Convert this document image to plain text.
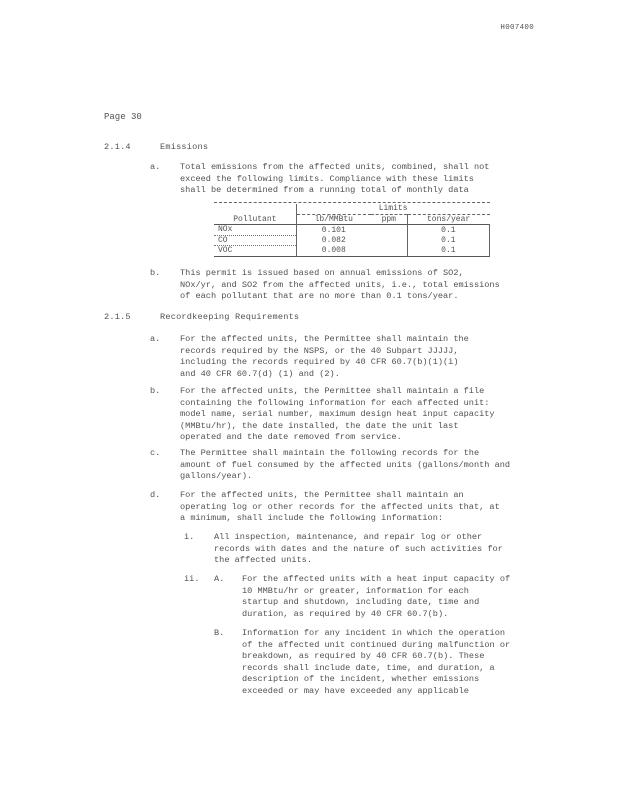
H007400
Page 30
2.1.4	Emissions
a. Total emissions from the affected units, combined, shall not
exceed the following limits. Compliance with these limits
shall be determined from a running total of monthly data
	Limits		
Pollutant	lb/MMBtu	ppm	tons/year
NOx	0.101		0.1
CO	0.082		0.1
VOC	0.008		0.1
b. This permit is issued based on annual emissions of SO2,
NOx/yr, and SO2 from the affected units, i.e., total emissions
of each pollutant that are no more than 0.1 tons/year.
2.1.5	Recordkeeping Requirements
a. For the affected units, the Permittee shall maintain the
records required by the NSPS, or the 40 Subpart JJJJJ,
including the records required by 40 CFR 60.7(b)(1)(i)
and 40 CFR 60.7(d) (1) and (2).
b. For the affected units, the Permittee shall maintain a file
containing the following information for each affected unit:
model name, serial number, maximum design heat input capacity
(MMBtu/hr), the date installed, the date the unit last
operated and the date removed from service.
c. The Permittee shall maintain the following records for the
amount of fuel consumed by the affected units (gallons/month and
gallons/year).
d. For the affected units, the Permittee shall maintain an
operating log or other records for the affected units that, at
a minimum, shall include the following information:
i. All inspection, maintenance, and repair log or other
records with dates and the nature of such activities for
the affected units.
ii. A. For the affected units with a heat input capacity of
10 MMBtu/hr or greater, information for each
startup and shutdown, including date, time and
duration, as required by 40 CFR 60.7(b).
B. Information for any incident in which the operation
of the affected unit continued during malfunction or
breakdown, as required by 40 CFR 60.7(b). These
records shall include date, time, and duration, a
description of the incident, whether emissions
exceeded or may have exceeded any applicable
